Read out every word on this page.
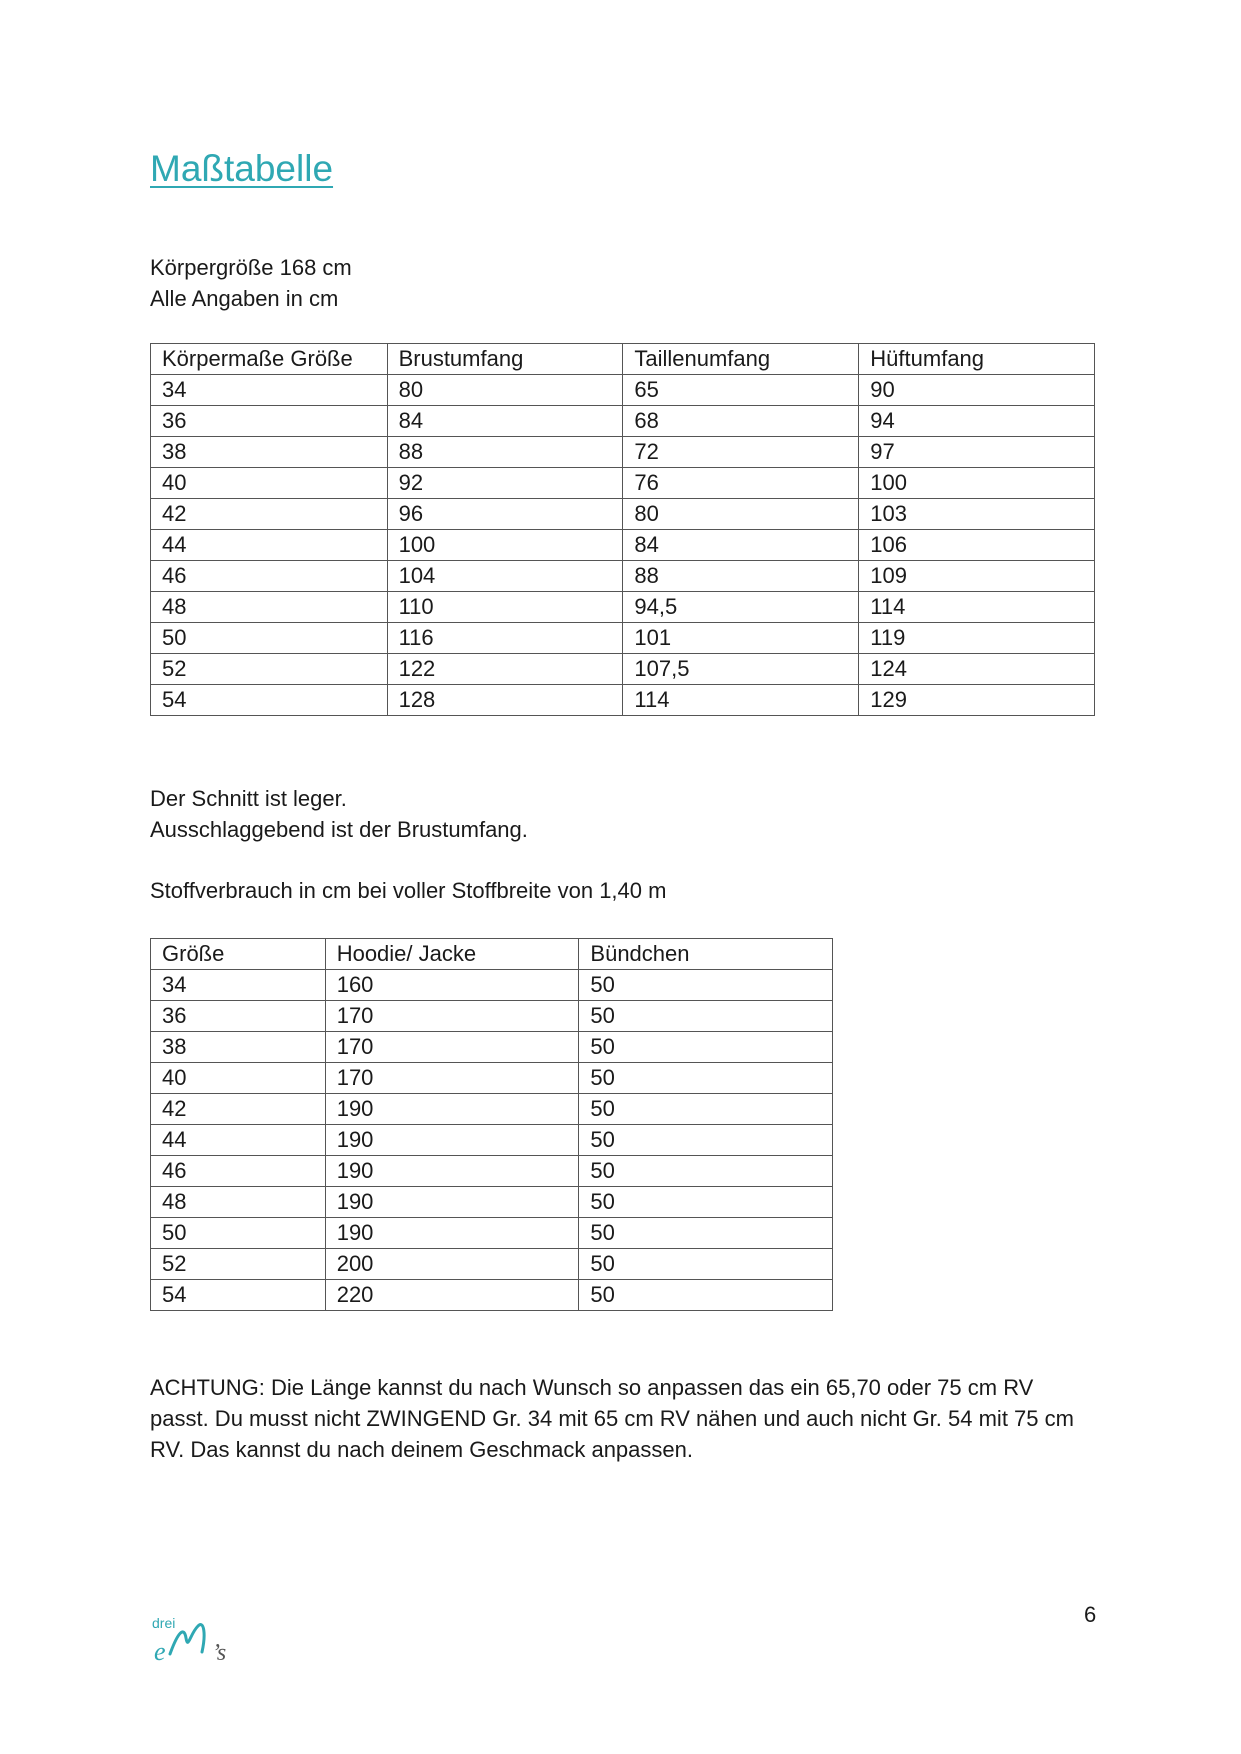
Maßtabelle

Körpergröße 168 cm

Alle Angaben in cm

Körpermaße Größe	Brustumfang	Taillenumfang	Hüftumfang
34	80	65	90
36	84	68	94
38	88	72	97
40	92	76	100
42	96	80	103
44	100	84	106
46	104	88	109
48	110	94,5	114
50	116	101	119
52	122	107,5	124
54	128	114	129

Der Schnitt ist leger.

Ausschlaggebend ist der Brustumfang.

Stoffverbrauch in cm bei voller Stoffbreite von 1,40 m

Größe	Hoodie/ Jacke	Bündchen
34	160	50
36	170	50
38	170	50
40	170	50
42	190	50
44	190	50
46	190	50
48	190	50
50	190	50
52	200	50
54	220	50

ACHTUNG: Die Länge kannst du nach Wunsch so anpassen das ein 65,70 oder 75 cm RV passt. Du musst nicht ZWINGEND Gr. 34 mit 65 cm RV nähen und auch nicht Gr. 54 mit 75 cm RV. Das kannst du nach deinem Geschmack anpassen.

drei
e ’s
6
